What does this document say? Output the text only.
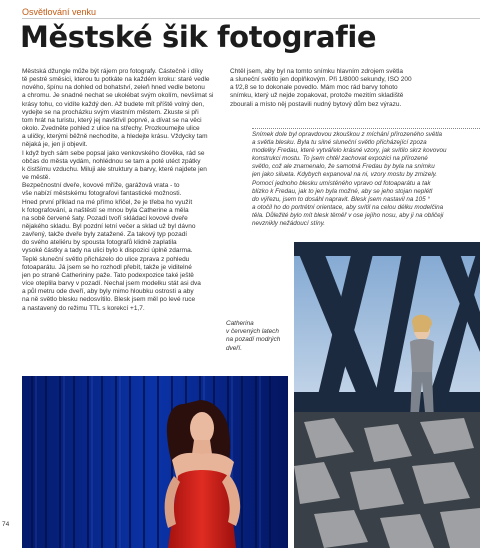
Osvětlování venku
Městské šik fotografie
Městská džungle může být rájem pro fotografy. Částečně i díky
tě pestré směsici, kterou tu potkáte na každém kroku: staré vedle
nového, špínu na dohled od bohatství, zeleň hned vedle betonu
a chromu. Je snadné nechat se ukolébat svým okolím, nevšímat si
krásy tohu, co vidíte každý den. Až budete mít příště volný den,
vydejte se na procházku svým vlastním městem. Zkuste si při
tom hrát na turistu, který jej navštívil poprvé, a dívat se na věci
okolo. Zvedněte pohled z ulice na střechy. Prozkoumejte ulice
a uličky, kterými běžně nechodíte, a hledejte krásu. Vždycky tam
nějaká je, jen ji objevit.
I když bych sám sebe popsal jako venkovského člověka, rád se
občas do města vydám, nohlédnou se tam a poté utéct zpátky
k čistšímu vzduchu. Miluji ale struktury a barvy, které najdete jen
ve městě.
Bezpečnostní dveře, kovové mříže, garážová vrata - to
vše nabízí městskému fotografovi fantastické možnosti.
Hned první příklad na mé přímo křičel, že je třeba ho využít
k fotografování, a naštěstí se mnou byla Catherine a měla
na sobě červené šaty. Pozadí tvoří skládací kovové dveře
nějakého skladu. Byl pozdní letní večer a sklad už byl dávno
zavřený, takže dveře byly zatažené. Za takový typ pozadí
do svého ateliéru by spousta fotografů klidně zaplatila
vysoké částky a tady na ulici bylo k dispozici úplně zdarma.
Teplé sluneční světlo přicházelo do ulice zprava z pohledu
fotoaparátu. Já jsem se ho rozhodl přebít, takže je viditelné
jen po straně Catherininy paže. Tato podexpozice také ještě
více oteplila barvy v pozadí. Nechal jsem modelku stát asi dva
a půl metru ode dveří, aby byly mimo hloubku ostrosti a aby
na ně světlo blesku nedosvítilo. Blesk jsem měl po levé ruce
a nastavený do režimu TTL s korekcí +1,7.
Chtěl jsem, aby byl na tomto snímku hlavním zdrojem světla
a sluneční světlo jen doplňkovým. Při 1/8000 sekundy, ISO 200
a f/2,8 se to dokonale povedlo. Mám moc rád barvy tohoto
snímku, který už nejde zopakovat, protože mezitím skladiště
zbourali a místo něj postavili nudný bytový dům bez výrazu.
Snímek dole byl opravdovou zkouškou z míchání přirozeného světla
a světla blesku. Byla tu silné sluneční světlo přicházející zpoza
modelky Fredau, které vytvářelo krásné vzory, jak svítilo skrz kovovou
konstrukci mostu. To jsem chtěl zachovat expozici na přirozené
světlo, což ale znamenalo, že samotná Fredau by byla na snímku
jen jako silueta. Kdybych expanoval na ni, vzory mostu by zmizely.
Pomocí jednoho blesku umístěného vpravo od fotoaparátu a tak
blízko k Fredau, jak to jen byla možné, aby se jeho stojan neplétl
do výřezu, jsem to dosáhl napravit. Blesk jsem nastavil na 105 °
a otočil ho do portrétní orientace, aby svítil na celou délku modelčina
těla. Důležité bylo mít blesk těměř v ose jejího nosu, aby ji na obličeji
nevznikly nežádoucí stíny.
Catherina
v červených latech
na pozadí modrých
dveří.
74
